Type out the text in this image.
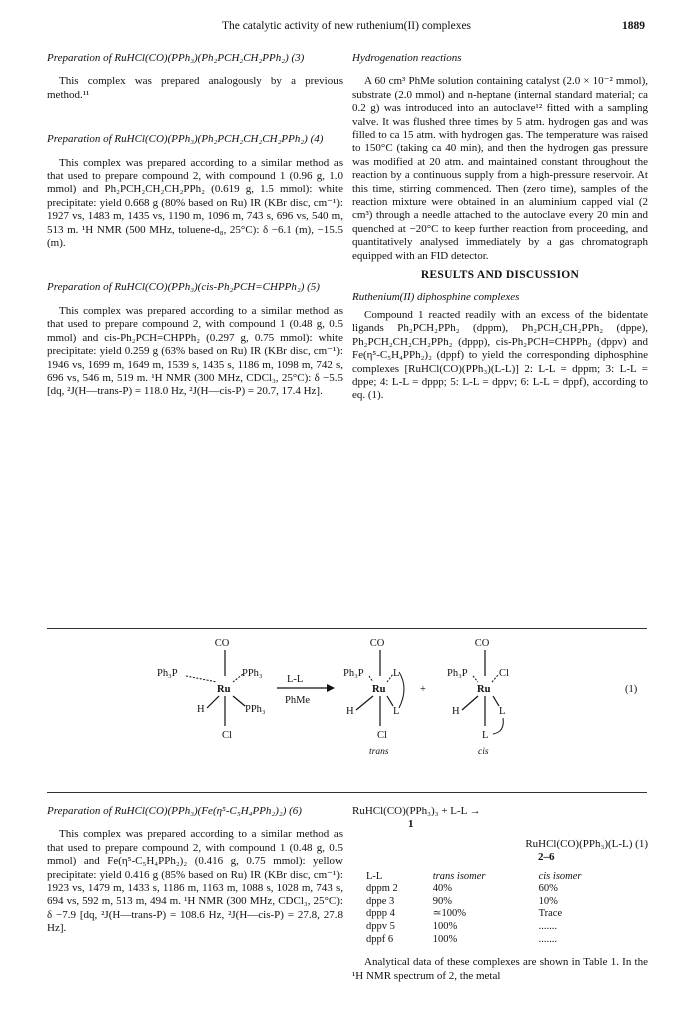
The catalytic activity of new ruthenium(II) complexes	1889
Preparation of RuHCl(CO)(PPh₃)(Ph₂PCH₂CH₂PPh₂) (3)

This complex was prepared analogously by a previous method.¹¹

Preparation of RuHCl(CO)(PPh₃)(Ph₂PCH₂CH₂CH₂PPh₂) (4)

This complex was prepared according to a similar method as that used to prepare compound 2, with compound 1 (0.96 g, 1.0 mmol) and Ph₂PCH₂CH₂CH₂PPh₂ (0.619 g, 1.5 mmol): white precipitate: yield 0.668 g (80% based on Ru) IR (KBr disc, cm⁻¹): 1927 vs, 1483 m, 1435 vs, 1190 m, 1096 m, 743 s, 696 vs, 540 m, 513 m. ¹H NMR (500 MHz, toluene-d₈, 25°C): δ −6.1 (m), −15.5 (m).

Preparation of RuHCl(CO)(PPh₃)(cis-Ph₂PCH=CHPPh₂) (5)

This complex was prepared according to a similar method as that used to prepare compound 2, with compound 1 (0.48 g, 0.5 mmol) and cis-Ph₂PCH=CHPPh₂ (0.297 g, 0.75 mmol): white precipitate: yield 0.259 g (63% based on Ru) IR (KBr disc, cm⁻¹): 1946 vs, 1699 m, 1649 m, 1539 s, 1435 s, 1186 m, 1098 m, 742 s, 696 vs, 546 m, 519 m. ¹H NMR (300 MHz, CDCl₃, 25°C): δ −5.5 [dq, ²J(H—trans-P) = 118.0 Hz, ²J(H—cis-P) = 20.7, 17.4 Hz].

Hydrogenation reactions

A 60 cm³ PhMe solution containing catalyst (2.0 × 10⁻² mmol), substrate (2.0 mmol) and n-heptane (internal standard material; ca 0.2 g) was introduced into an autoclave¹² fitted with a sampling valve. It was flushed three times by 5 atm. hydrogen gas and was filled to ca 15 atm. with hydrogen gas. The temperature was raised to 150°C (taking ca 40 min), and then the hydrogen gas pressure was modified at 20 atm. and maintained constant throughout the reaction by a continuous supply from a high-pressure reservoir. At this time, stirring commenced. Then (zero time), samples of the reaction mixture were obtained in an aluminium capped vial (2 cm³) through a needle attached to the autoclave every 20 min and quenched at −20°C to keep further reaction from proceeding, and quantitatively analysed immediately by a gas chromatograph equipped with an FID detector.

RESULTS AND DISCUSSION
Ruthenium(II) diphosphine complexes

Compound 1 reacted readily with an excess of the bidentate ligands Ph₂PCH₂PPh₂ (dppm), Ph₂PCH₂CH₂PPh₂ (dppe), Ph₂PCH₂CH₂CH₂PPh₂ (dppp), cis-Ph₂PCH=CHPPh₂ (dppv) and Fe(η⁵-C₅H₄PPh₂)₂ (dppf) to yield the corresponding diphosphine complexes [RuHCl(CO)(PPh₃)(L-L)] 2: L-L = dppm; 3: L-L = dppe; 4: L-L = dppp; 5: L-L = dppv; 6: L-L = dppf), according to eq. (1).

CO
Ph₃P	PPh₃
Ru
H	PPh₃
Cl
L-L
PhMe
CO
Ph₃P	L
Ru
H	L
Cl
trans
+
CO
Ph₃P	Cl
Ru
H	L
L
cis
(1)
Preparation of RuHCl(CO)(PPh₃)(Fe(η⁵-C₅H₄PPh₂)₂) (6)

This complex was prepared according to a similar method as that used to prepare compound 2, with compound 1 (0.48 g, 0.5 mmol) and Fe(η⁵-C₅H₄PPh₂)₂ (0.416 g, 0.75 mmol): yellow precipitate: yield 0.416 g (85% based on Ru) IR (KBr disc, cm⁻¹): 1923 vs, 1479 m, 1433 s, 1186 m, 1163 m, 1088 s, 1028 m, 743 s, 694 vs, 592 m, 513 m, 494 m. ¹H NMR (300 MHz, CDCl₃, 25°C): δ −7.9 [dq, ²J(H—trans-P) = 108.6 Hz, ²J(H—cis-P) = 27.8, 27.8 Hz].

RuHCl(CO)(PPh₃)₃ + L-L →
1
RuHCl(CO)(PPh₃)(L-L) (1)
2–6
L-L	trans isomer	cis isomer
dppm 2	40%	60%
dppe 3	90%	10%
dppp 4	≃100%	Trace
dppv 5	100%	.......
dppf 6	100%	.......

Analytical data of these complexes are shown in Table 1. In the ¹H NMR spectrum of 2, the metal
